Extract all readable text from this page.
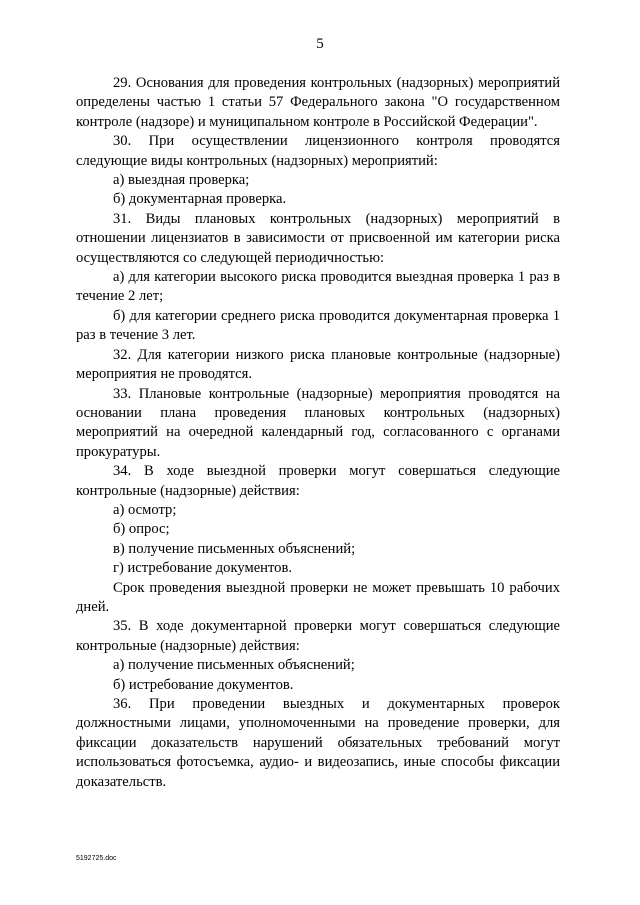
5

29. Основания для проведения контрольных (надзорных) мероприятий определены частью 1 статьи 57 Федерального закона "О государственном контроле (надзоре) и муниципальном контроле в Российской Федерации".

30. При осуществлении лицензионного контроля проводятся следующие виды контрольных (надзорных) мероприятий:

а) выездная проверка;

б) документарная проверка.

31. Виды плановых контрольных (надзорных) мероприятий в отношении лицензиатов в зависимости от присвоенной им категории риска осуществляются со следующей периодичностью:

а) для категории высокого риска проводится выездная проверка 1 раз в течение 2 лет;

б) для категории среднего риска проводится документарная проверка 1 раз в течение 3 лет.

32. Для категории низкого риска плановые контрольные (надзорные) мероприятия не проводятся.

33. Плановые контрольные (надзорные) мероприятия проводятся на основании плана проведения плановых контрольных (надзорных) мероприятий на очередной календарный год, согласованного с органами прокуратуры.

34. В ходе выездной проверки могут совершаться следующие контрольные (надзорные) действия:

а) осмотр;

б) опрос;

в) получение письменных объяснений;

г) истребование документов.

Срок проведения выездной проверки не может превышать 10 рабочих дней.

35. В ходе документарной проверки могут совершаться следующие контрольные (надзорные) действия:

а) получение письменных объяснений;

б) истребование документов.

36. При проведении выездных и документарных проверок должностными лицами, уполномоченными на проведение проверки, для фиксации доказательств нарушений обязательных требований могут использоваться фотосъемка, аудио- и видеозапись, иные способы фиксации доказательств.

5192725.doc
